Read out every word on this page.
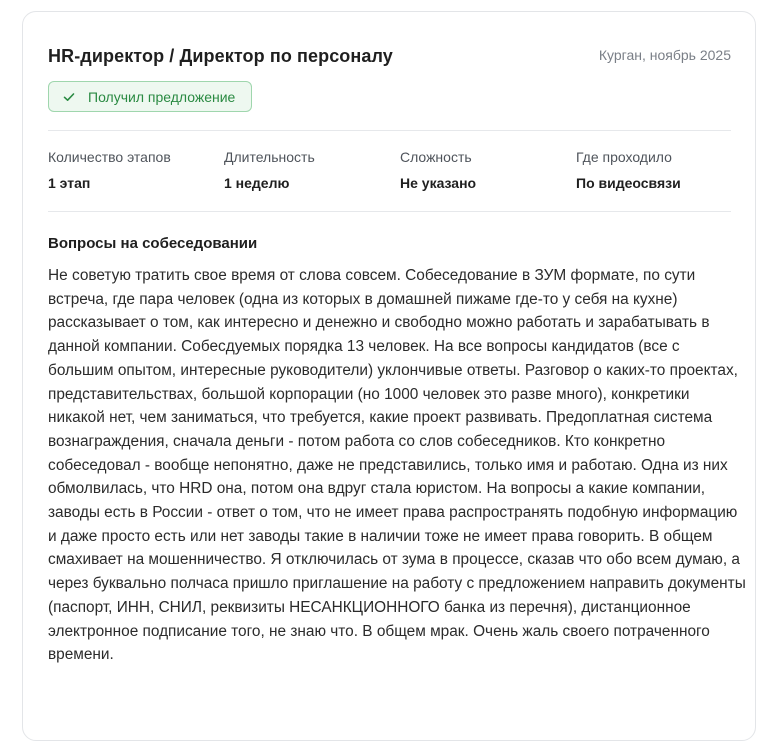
HR-директор / Директор по персоналу	Курган, ноябрь 2025
Получил предложение
Количество этапов
1 этап
Длительность
1 неделю
Сложность
Не указано
Где проходило
По видеосвязи
Вопросы на собеседовании

Не советую тратить свое время от слова совсем. Собеседование в ЗУМ формате, по сути встреча, где пара человек (одна из которых в домашней пижаме где-то у себя на кухне) рассказывает о том, как интересно и денежно и свободно можно работать и зарабатывать в данной компании. Собесдуемых порядка 13 человек. На все вопросы кандидатов (все с большим опытом, интересные руководители) уклончивые ответы. Разговор о каких-то проектах, представительствах, большой корпорации (но 1000 человек это разве много), конкретики никакой нет, чем заниматься, что требуется, какие проект развивать. Предоплатная система вознаграждения, сначала деньги - потом работа со слов собеседников. Кто конкретно собеседовал - вообще непонятно, даже не представились, только имя и работаю. Одна из них обмолвилась, что HRD она, потом она вдруг стала юристом. На вопросы а какие компании, заводы есть в России - ответ о том, что не имеет права распространять подобную информацию и даже просто есть или нет заводы такие в наличии тоже не имеет права говорить. В общем смахивает на мошенничество. Я отключилась от зума в процессе, сказав что обо всем думаю, а через буквально полчаса пришло приглашение на работу с предложением направить документы (паспорт, ИНН, СНИЛ, реквизиты НЕСАНКЦИОННОГО банка из перечня), дистанционное электронное подписание того, не знаю что. В общем мрак. Очень жаль своего потраченного времени.
